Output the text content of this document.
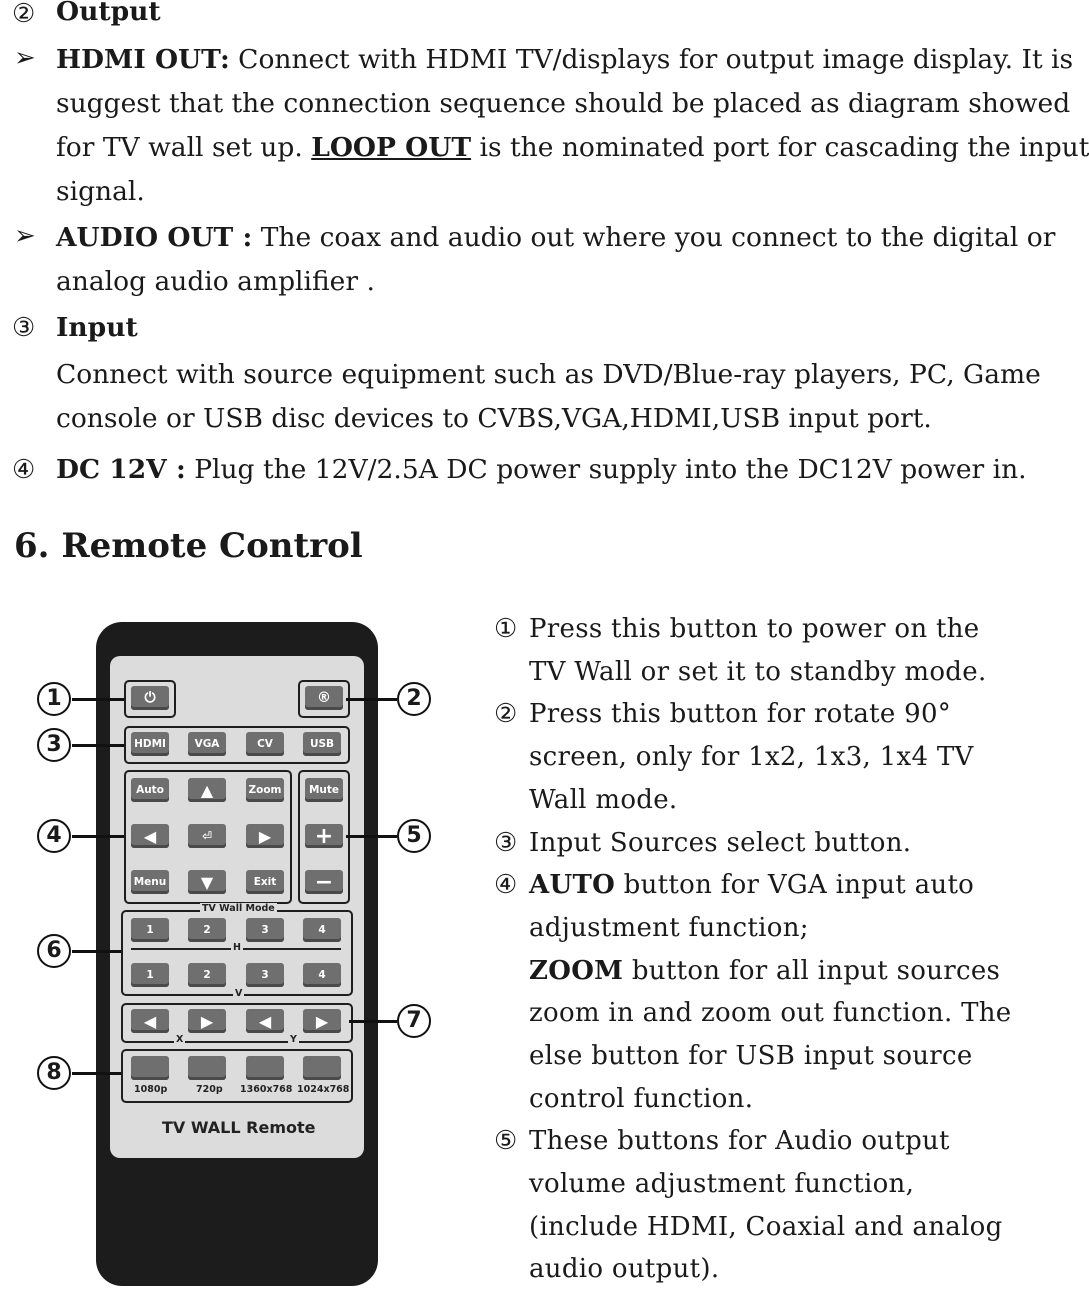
② Output
➢ HDMI OUT: Connect with HDMI TV/displays for output image display. It is
suggest that the connection sequence should be placed as diagram showed
for TV wall set up. LOOP OUT is the nominated port for cascading the input
signal.
➢ AUDIO OUT : The coax and audio out where you connect to the digital or
analog audio amplifier .
③ Input
Connect with source equipment such as DVD/Blue-ray players, PC, Game
console or USB disc devices to CVBS,VGA,HDMI,USB input port.
④ DC 12V : Plug the 12V/2.5A DC power supply into the DC12V power in.
6. Remote Control
⏻	®
HDMI	VGA	CV	USB
Auto	▲	Zoom
◀	⏎	▶
Menu ▼	Exit
Mute
+
−
TV Wall Mode
1	2	3	4
H
1	2	3	4
V
◀	▶	◀	▶
X	Y
1080p	720p 1360x768 1024x768
TV WALL Remote
1	2
3
4	5
6
7
8
① Press this button to power on the
TV Wall or set it to standby mode.
② Press this button for rotate 90°
screen, only for 1x2, 1x3, 1x4 TV
Wall mode.
③ Input Sources select button.
④ AUTO button for VGA input auto
adjustment function;
ZOOM button for all input sources
zoom in and zoom out function. The
else button for USB input source
control function.
⑤ These buttons for Audio output
volume adjustment function,
(include HDMI, Coaxial and analog
audio output).
